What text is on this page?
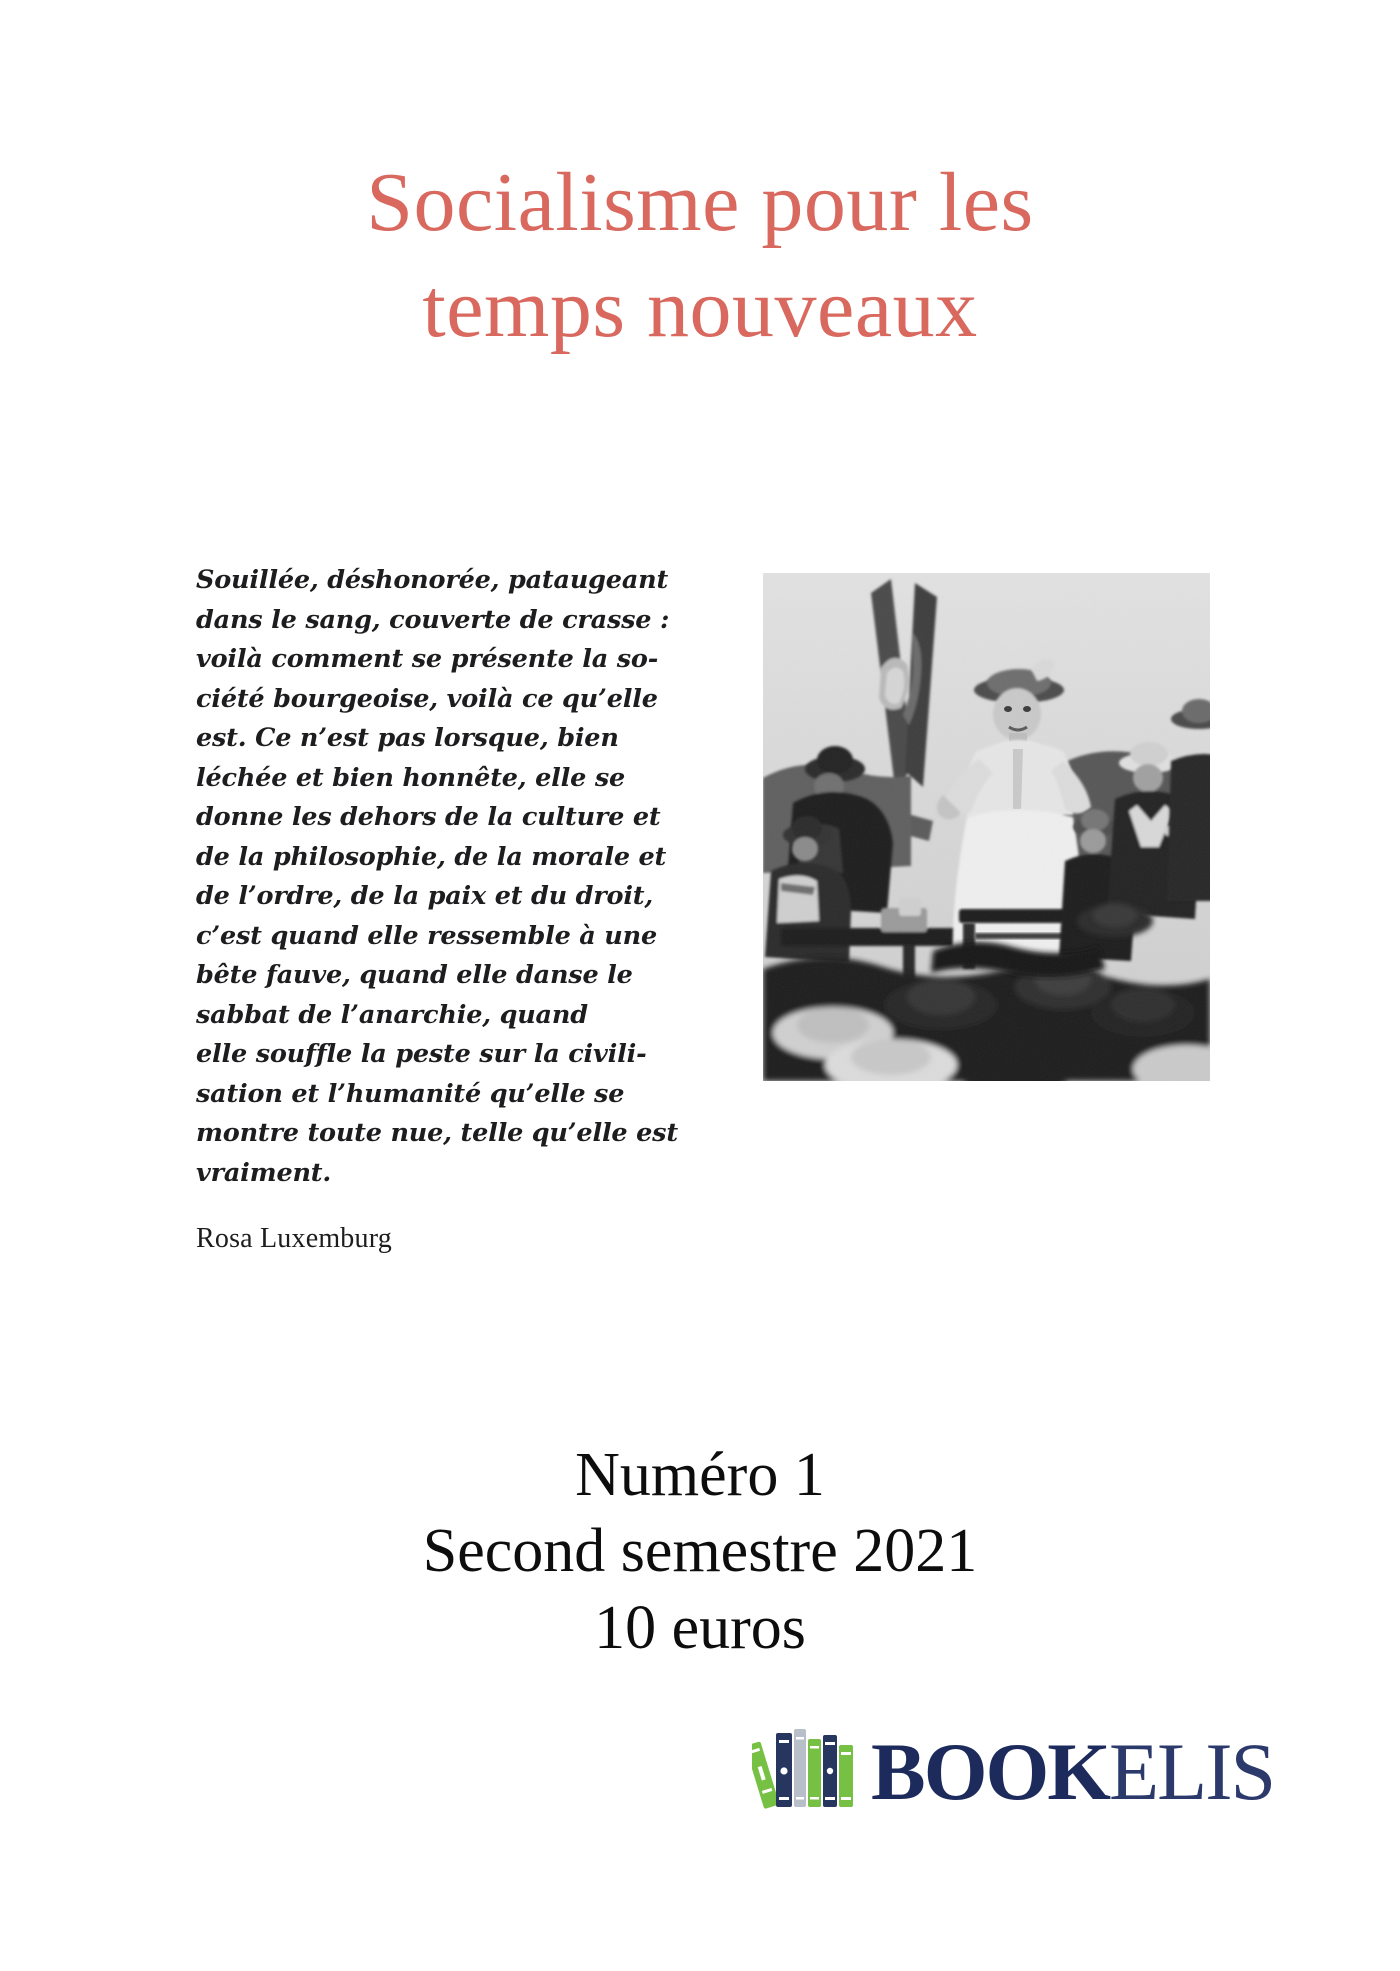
Socialisme pour les
temps nouveaux
Souillée, déshonorée, pataugeant
dans le sang, couverte de crasse :
voilà comment se présente la so-
ciété bourgeoise, voilà ce qu’elle
est. Ce n’est pas lorsque, bien
léchée et bien honnête, elle se
donne les dehors de la culture et
de la philosophie, de la morale et
de l’ordre, de la paix et du droit,
c’est quand elle ressemble à une
bête fauve, quand elle danse le
sabbat de l’anarchie, quand
elle souffle la peste sur la civili-
sation et l’humanité qu’elle se
montre toute nue, telle qu’elle est
vraiment.
Rosa Luxemburg
Numéro 1
Second semestre 2021
10 euros
BOOKELIS
